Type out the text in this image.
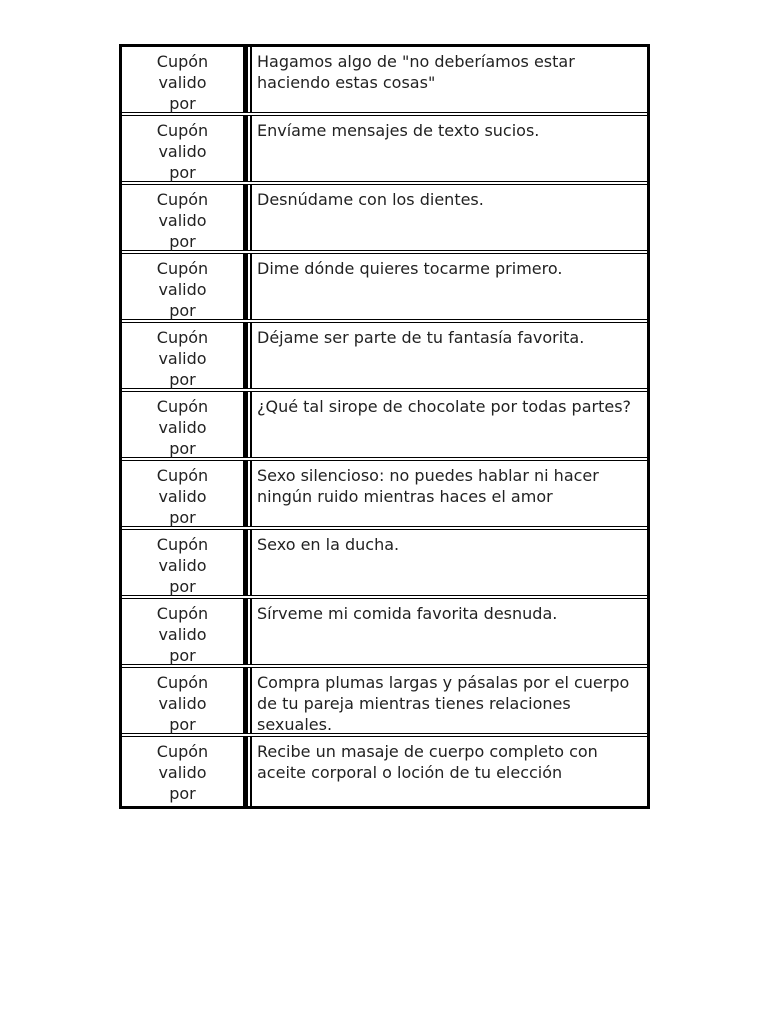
Cupón
valido
por
Hagamos algo de "no deberíamos estar haciendo estas cosas"
Cupón
valido
por
Envíame mensajes de texto sucios.
Cupón
valido
por
Desnúdame con los dientes.
Cupón
valido
por
Dime dónde quieres tocarme primero.
Cupón
valido
por
Déjame ser parte de tu fantasía favorita.
Cupón
valido
por
¿Qué tal sirope de chocolate por todas partes?
Cupón
valido
por
Sexo silencioso: no puedes hablar ni hacer ningún ruido mientras haces el amor
Cupón
valido
por
Sexo en la ducha.
Cupón
valido
por
Sírveme mi comida favorita desnuda.
Cupón
valido
por
Compra plumas largas y pásalas por el cuerpo de tu pareja mientras tienes relaciones sexuales.
Cupón
valido
por
Recibe un masaje de cuerpo completo con aceite corporal o loción de tu elección
